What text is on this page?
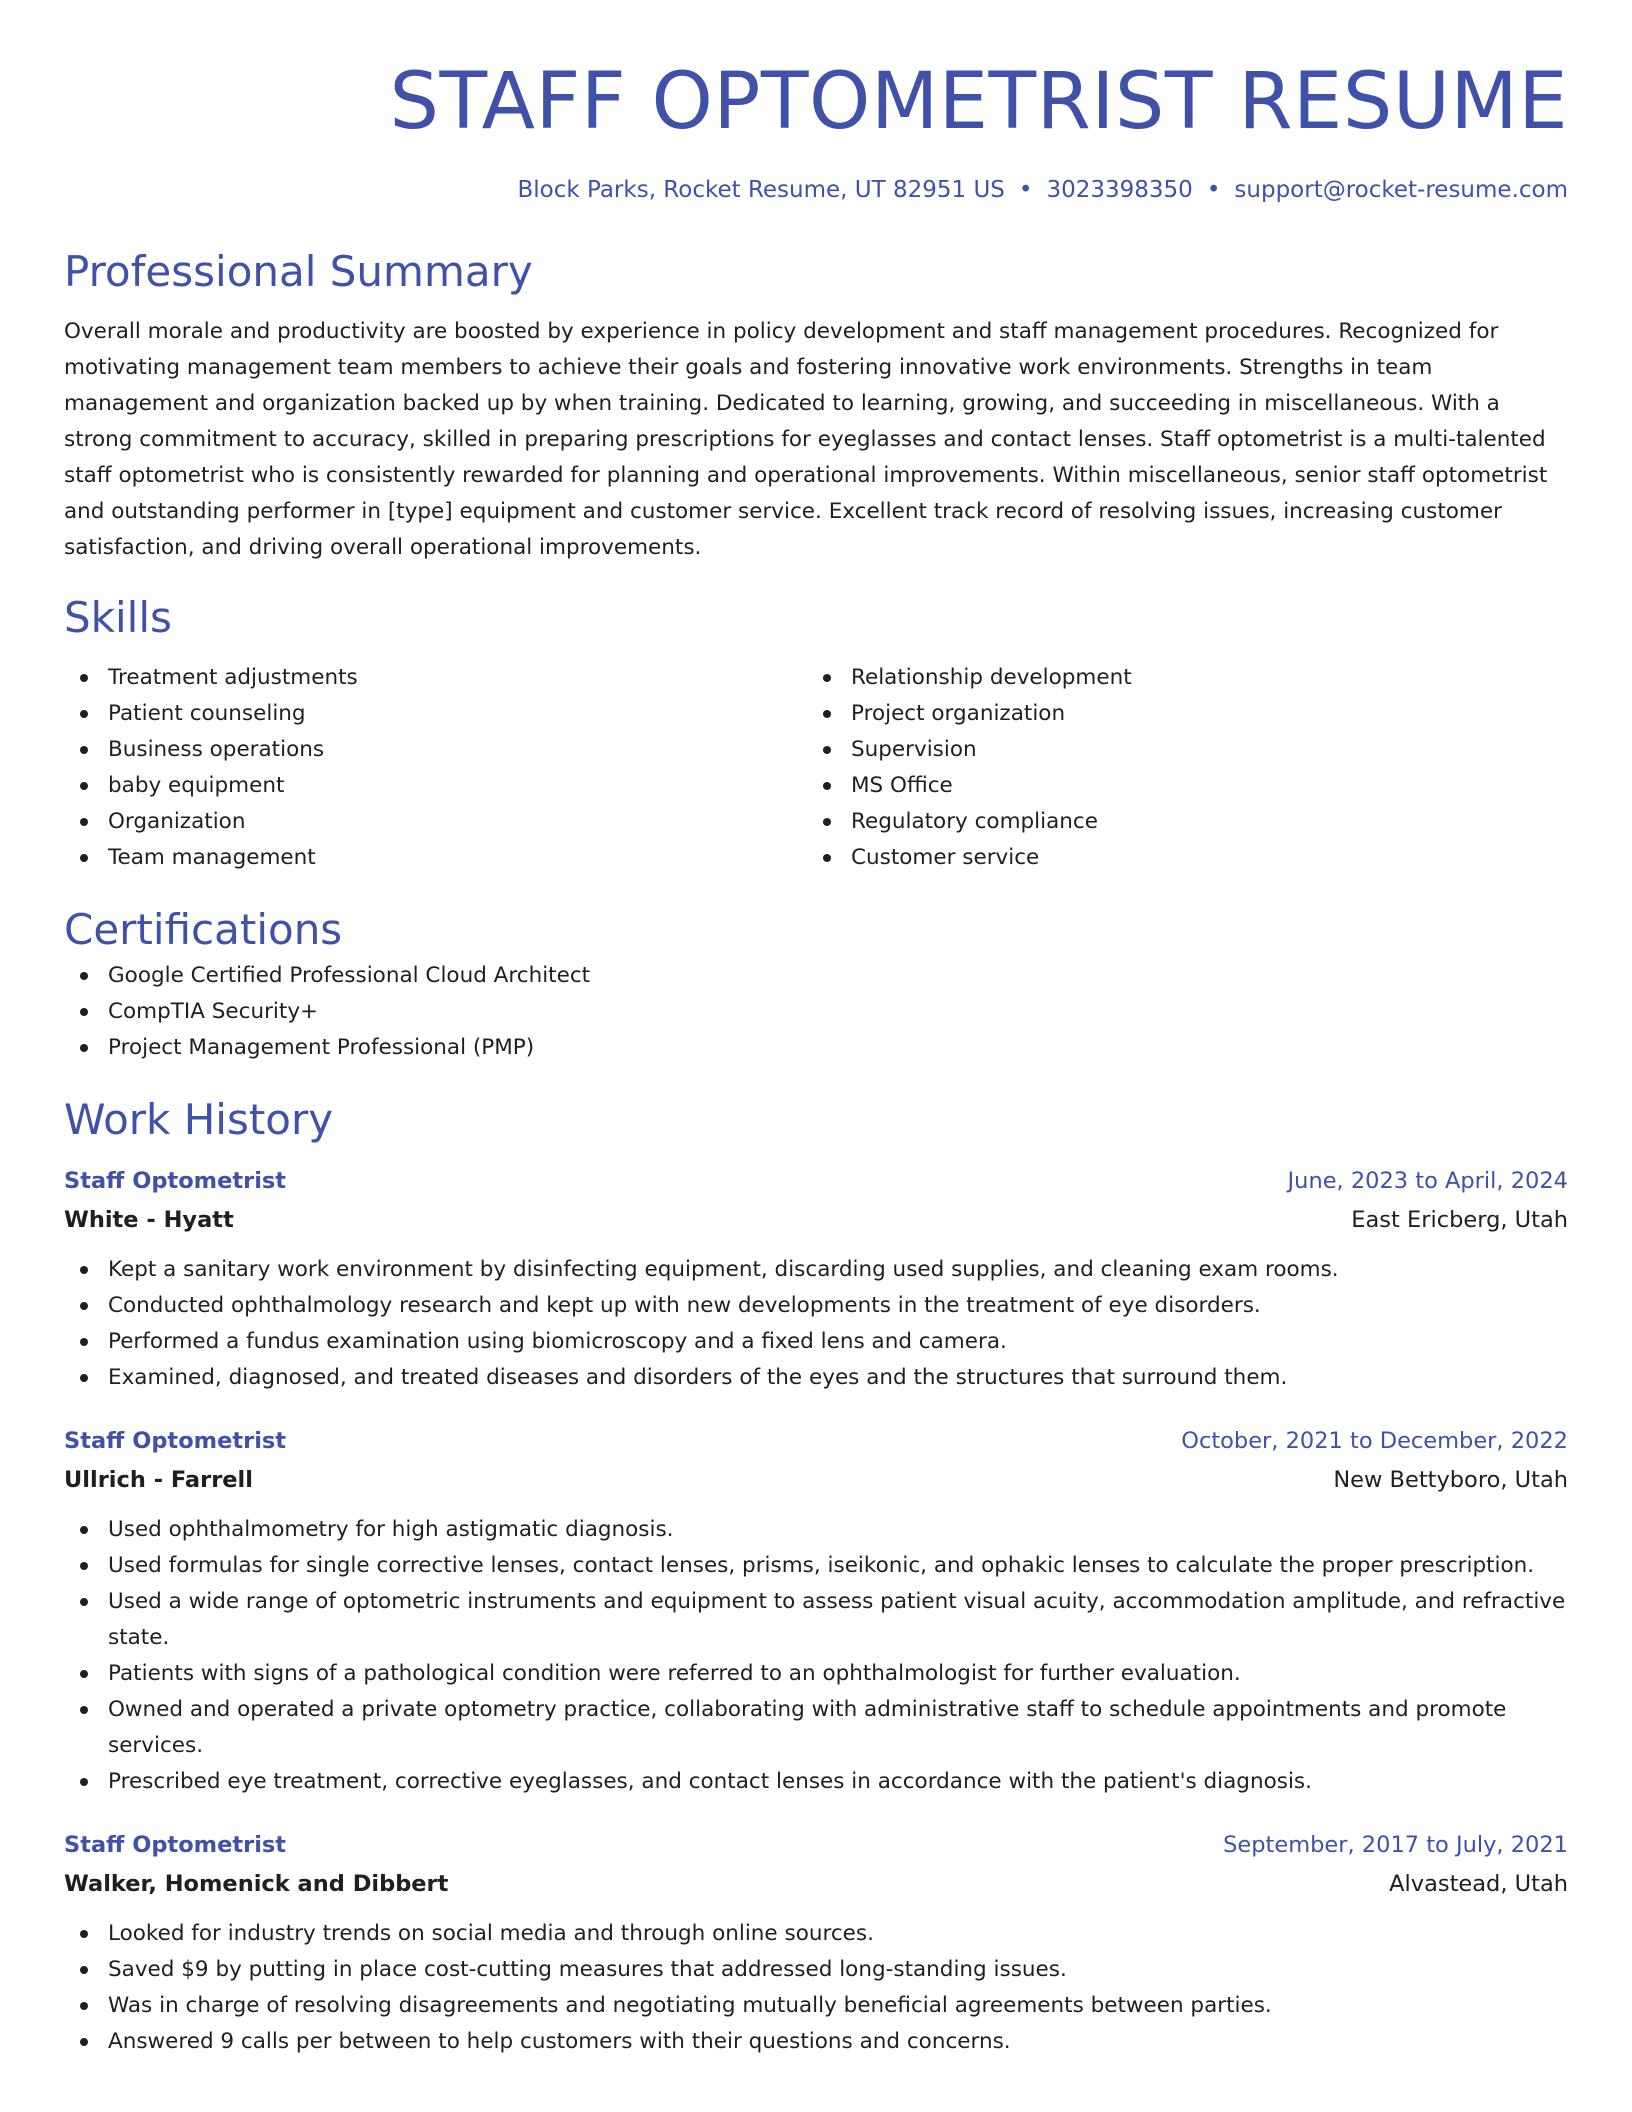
STAFF OPTOMETRIST RESUME
Block Parks, Rocket Resume, UT 82951 US • 3023398350 • support@rocket-resume.com
Professional Summary
Overall morale and productivity are boosted by experience in policy development and staff management procedures. Recognized for motivating management team members to achieve their goals and fostering innovative work environments. Strengths in team management and organization backed up by when training. Dedicated to learning, growing, and succeeding in miscellaneous. With a strong commitment to accuracy, skilled in preparing prescriptions for eyeglasses and contact lenses. Staff optometrist is a multi-talented staff optometrist who is consistently rewarded for planning and operational improvements. Within miscellaneous, senior staff optometrist and outstanding performer in [type] equipment and customer service. Excellent track record of resolving issues, increasing customer satisfaction, and driving overall operational improvements.
Skills
Treatment adjustments
Patient counseling
Business operations
baby equipment
Organization
Team management
Relationship development
Project organization
Supervision
MS Office
Regulatory compliance
Customer service
Certifications
Google Certified Professional Cloud Architect
CompTIA Security+
Project Management Professional (PMP)
Work History
Staff Optometrist	June, 2023 to April, 2024
White - Hyatt	East Ericberg, Utah
Kept a sanitary work environment by disinfecting equipment, discarding used supplies, and cleaning exam rooms.
Conducted ophthalmology research and kept up with new developments in the treatment of eye disorders.
Performed a fundus examination using biomicroscopy and a fixed lens and camera.
Examined, diagnosed, and treated diseases and disorders of the eyes and the structures that surround them.
Staff Optometrist	October, 2021 to December, 2022
Ullrich - Farrell	New Bettyboro, Utah
Used ophthalmometry for high astigmatic diagnosis.
Used formulas for single corrective lenses, contact lenses, prisms, iseikonic, and ophakic lenses to calculate the proper prescription.
Used a wide range of optometric instruments and equipment to assess patient visual acuity, accommodation amplitude, and refractive state.
Patients with signs of a pathological condition were referred to an ophthalmologist for further evaluation.
Owned and operated a private optometry practice, collaborating with administrative staff to schedule appointments and promote services.
Prescribed eye treatment, corrective eyeglasses, and contact lenses in accordance with the patient's diagnosis.
Staff Optometrist	September, 2017 to July, 2021
Walker, Homenick and Dibbert	Alvastead, Utah
Looked for industry trends on social media and through online sources.
Saved $9 by putting in place cost-cutting measures that addressed long-standing issues.
Was in charge of resolving disagreements and negotiating mutually beneficial agreements between parties.
Answered 9 calls per between to help customers with their questions and concerns.
